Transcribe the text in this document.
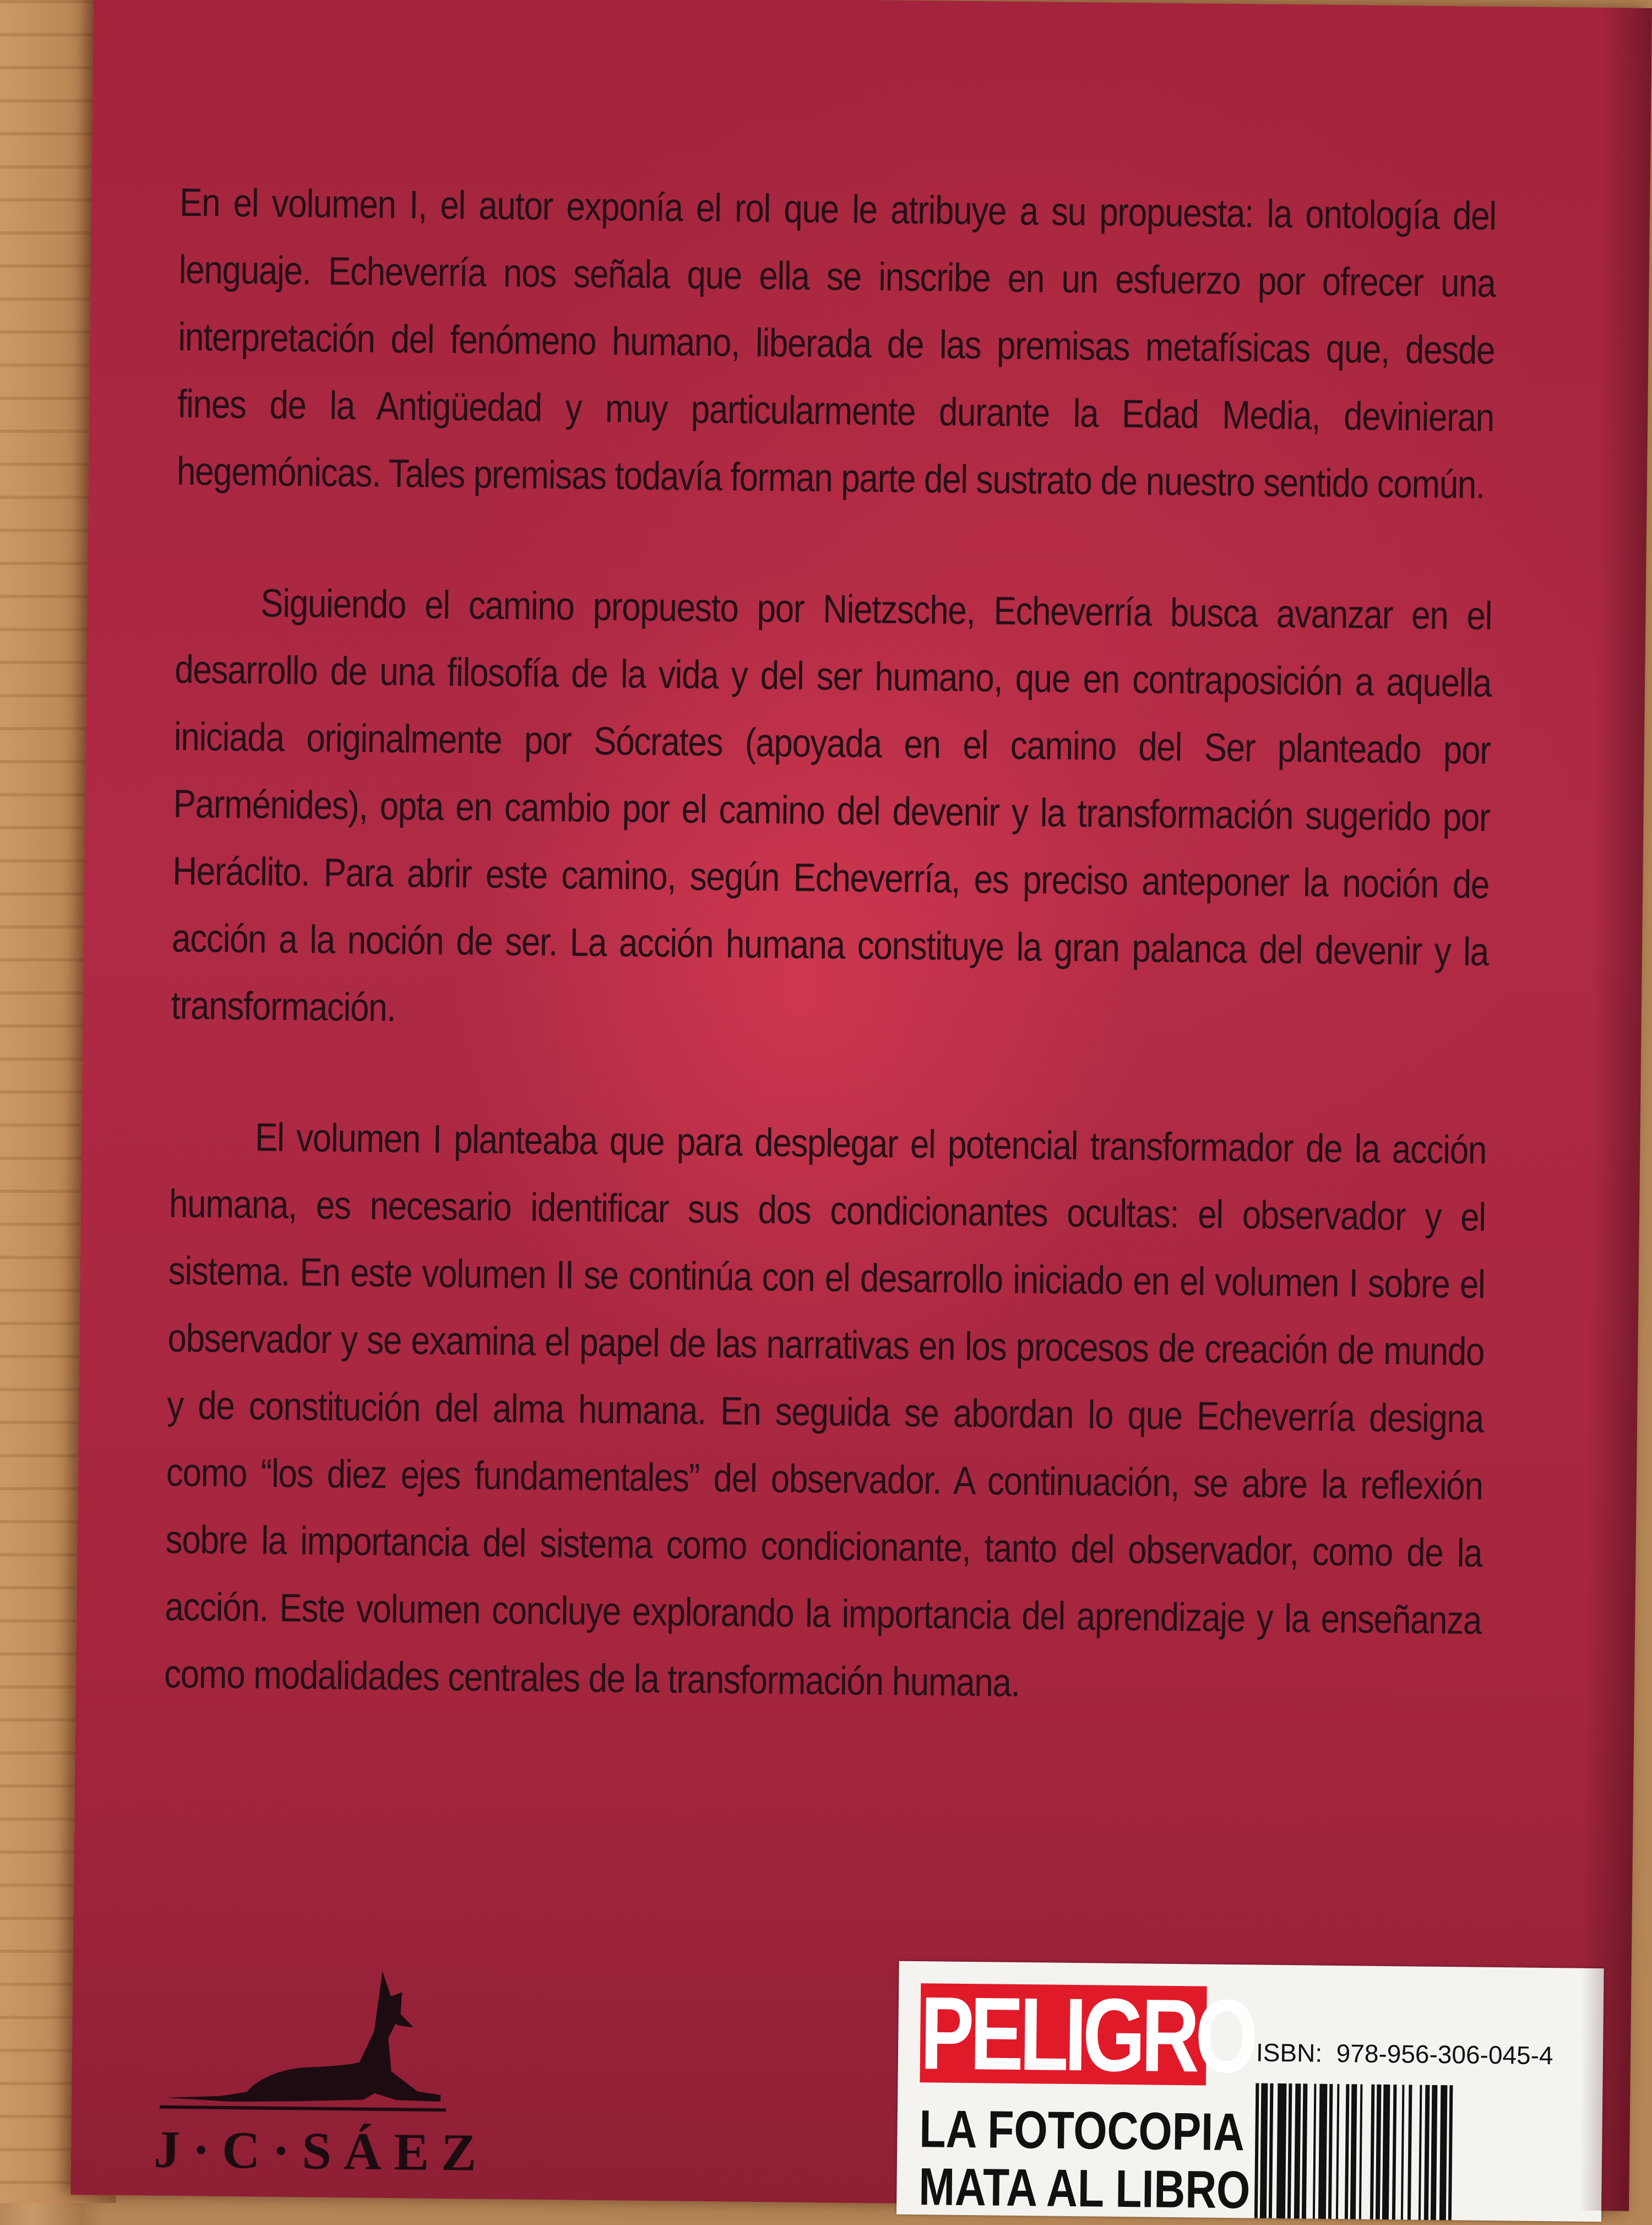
En el volumen I, el autor exponía el rol que le atribuye a su propuesta: la ontología del lenguaje. Echeverría nos señala que ella se inscribe en un esfuerzo por ofrecer una interpretación del fenómeno humano, liberada de las premisas metafísicas que, desde fines de la Antigüedad y muy particularmente durante la Edad Media, devinieran hegemónicas. Tales premisas todavía forman parte del sustrato de nuestro sentido común.

Siguiendo el camino propuesto por Nietzsche, Echeverría busca avanzar en el desarrollo de una filosofía de la vida y del ser humano, que en contraposición a aquella iniciada originalmente por Sócrates (apoyada en el camino del Ser planteado por Parménides), opta en cambio por el camino del devenir y la transformación sugerido por Heráclito. Para abrir este camino, según Echeverría, es preciso anteponer la noción de acción a la noción de ser. La acción humana constituye la gran palanca del devenir y la transformación.

El volumen I planteaba que para desplegar el potencial transformador de la acción humana, es necesario identificar sus dos condicionantes ocultas: el observador y el sistema. En este volumen II se continúa con el desarrollo iniciado en el volumen I sobre el observador y se examina el papel de las narrativas en los procesos de creación de mundo y de constitución del alma humana. En seguida se abordan lo que Echeverría designa como “los diez ejes fundamentales” del observador. A continuación, se abre la reflexión sobre la importancia del sistema como condicionante, tanto del observador, como de la acción. Este volumen concluye explorando la importancia del aprendizaje y la enseñanza como modalidades centrales de la transformación humana.

J·C·SÁEZ
PELIGRO
LA FOTOCOPIA
MATA AL LIBRO
ISBN: 978-956-306-045-4
